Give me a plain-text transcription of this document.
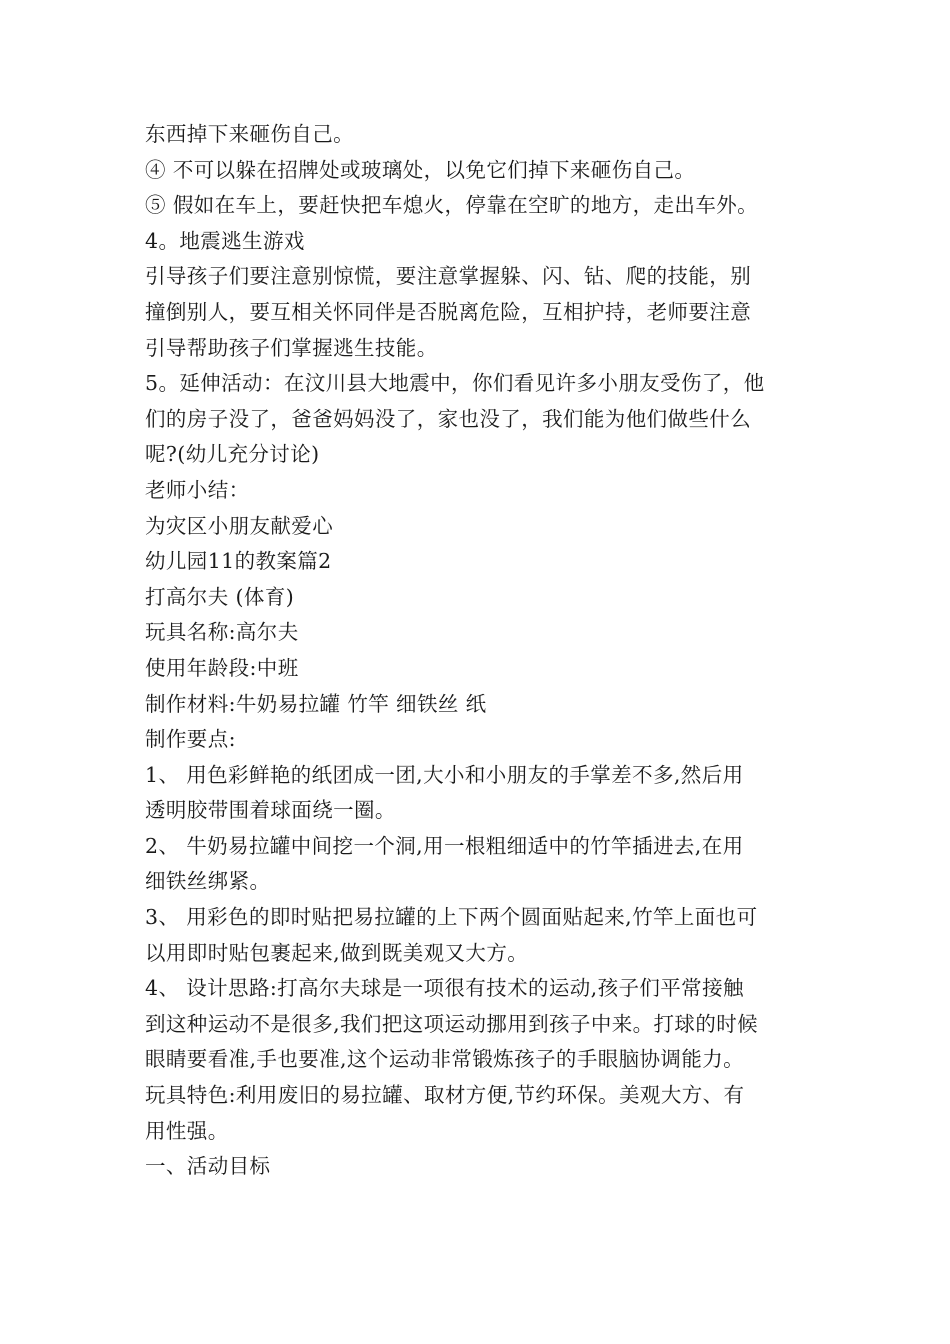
东西掉下来砸伤自己。
④ 不可以躲在招牌处或玻璃处，以免它们掉下来砸伤自己。
⑤ 假如在车上，要赶快把车熄火，停靠在空旷的地方，走出车外。
4。地震逃生游戏
引导孩子们要注意别惊慌，要注意掌握躲、闪、钻、爬的技能，别
撞倒别人，要互相关怀同伴是否脱离危险，互相护持，老师要注意
引导帮助孩子们掌握逃生技能。
5。延伸活动：在汶川县大地震中，你们看见许多小朋友受伤了，他
们的房子没了，爸爸妈妈没了，家也没了，我们能为他们做些什么
呢?(幼儿充分讨论)
老师小结：
为灾区小朋友献爱心
幼儿园11的教案篇2
打高尔夫 (体育)
玩具名称:高尔夫
使用年龄段:中班
制作材料:牛奶易拉罐 竹竿 细铁丝 纸
制作要点:
1、 用色彩鲜艳的纸团成一团,大小和小朋友的手掌差不多,然后用
透明胶带围着球面绕一圈。
2、 牛奶易拉罐中间挖一个洞,用一根粗细适中的竹竿插进去,在用
细铁丝绑紧。
3、 用彩色的即时贴把易拉罐的上下两个圆面贴起来,竹竿上面也可
以用即时贴包裹起来,做到既美观又大方。
4、 设计思路:打高尔夫球是一项很有技术的运动,孩子们平常接触
到这种运动不是很多,我们把这项运动挪用到孩子中来。打球的时候
眼睛要看准,手也要准,这个运动非常锻炼孩子的手眼脑协调能力。
玩具特色:利用废旧的易拉罐、取材方便,节约环保。美观大方、有
用性强。
一、活动目标
